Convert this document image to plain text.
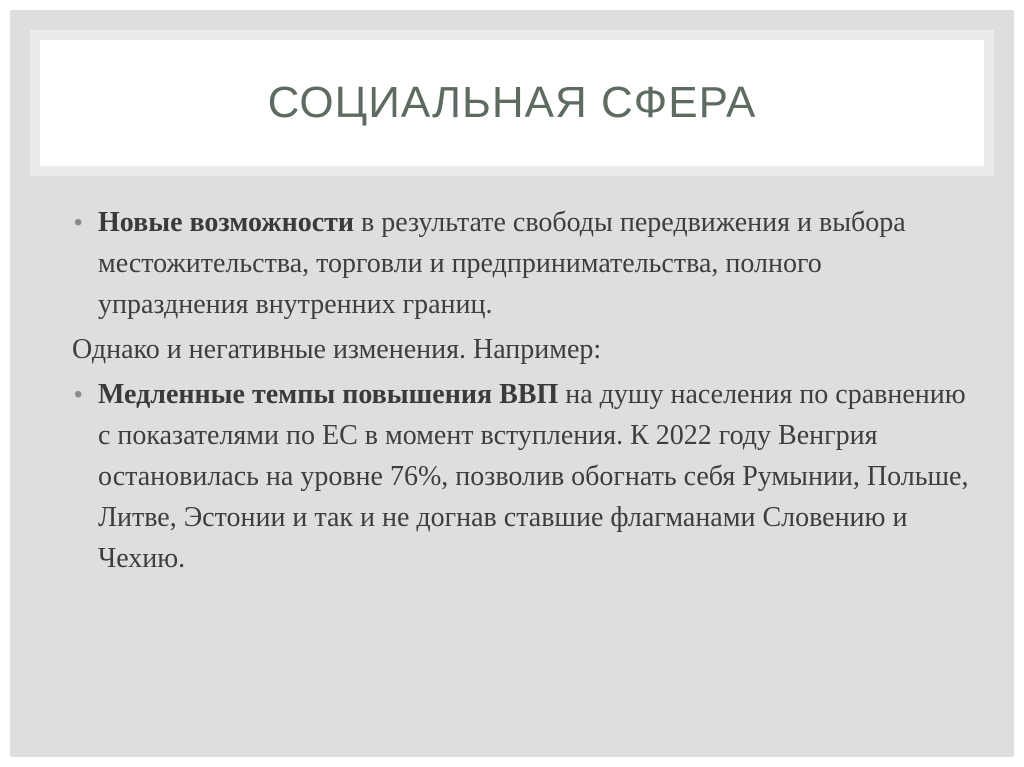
СОЦИАЛЬНАЯ СФЕРА

• Новые возможности в результате свободы передвижения и выбора местожительства, торговли и предпринимательства, полного упразднения внутренних границ.

Однако и негативные изменения. Например:

• Медленные темпы повышения ВВП на душу населения по сравнению с показателями по ЕС в момент вступления. К 2022 году Венгрия остановилась на уровне 76%, позволив обогнать себя Румынии, Польше, Литве, Эстонии и так и не догнав ставшие флагманами Словению и Чехию.
